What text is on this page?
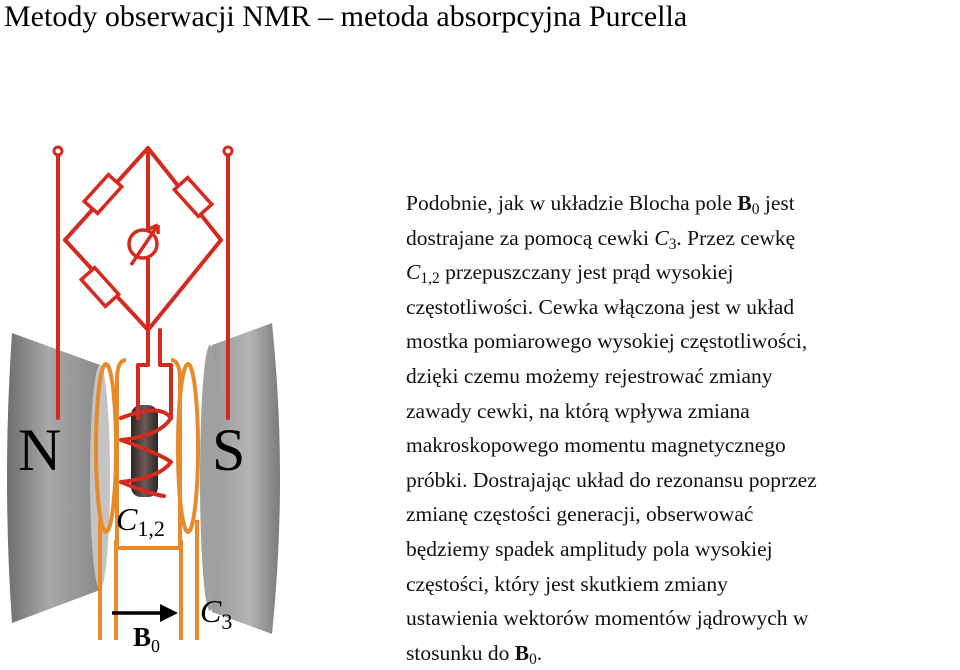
Metody obserwacji NMR – metoda absorpcyjna Purcella
N	S
C1,2
$C_3$
$B_0$
Podobnie, jak w układzie Blocha pole $B_0$ jest
dostrajane za pomocą cewki $C_3$. Przez cewkę
$C_{1,2}$ przepuszczany jest prąd wysokiej
częstotliwości. Cewka włączona jest w układ
mostka pomiarowego wysokiej częstotliwości,
dzięki czemu możemy rejestrować zmiany
zawady cewki, na którą wpływa zmiana
makroskopowego momentu magnetycznego
próbki. Dostrajając układ do rezonansu poprzez
zmianę częstości generacji, obserwować
będziemy spadek amplitudy pola wysokiej
częstości, który jest skutkiem zmiany
ustawienia wektorów momentów jądrowych w
stosunku do $B_0$.
